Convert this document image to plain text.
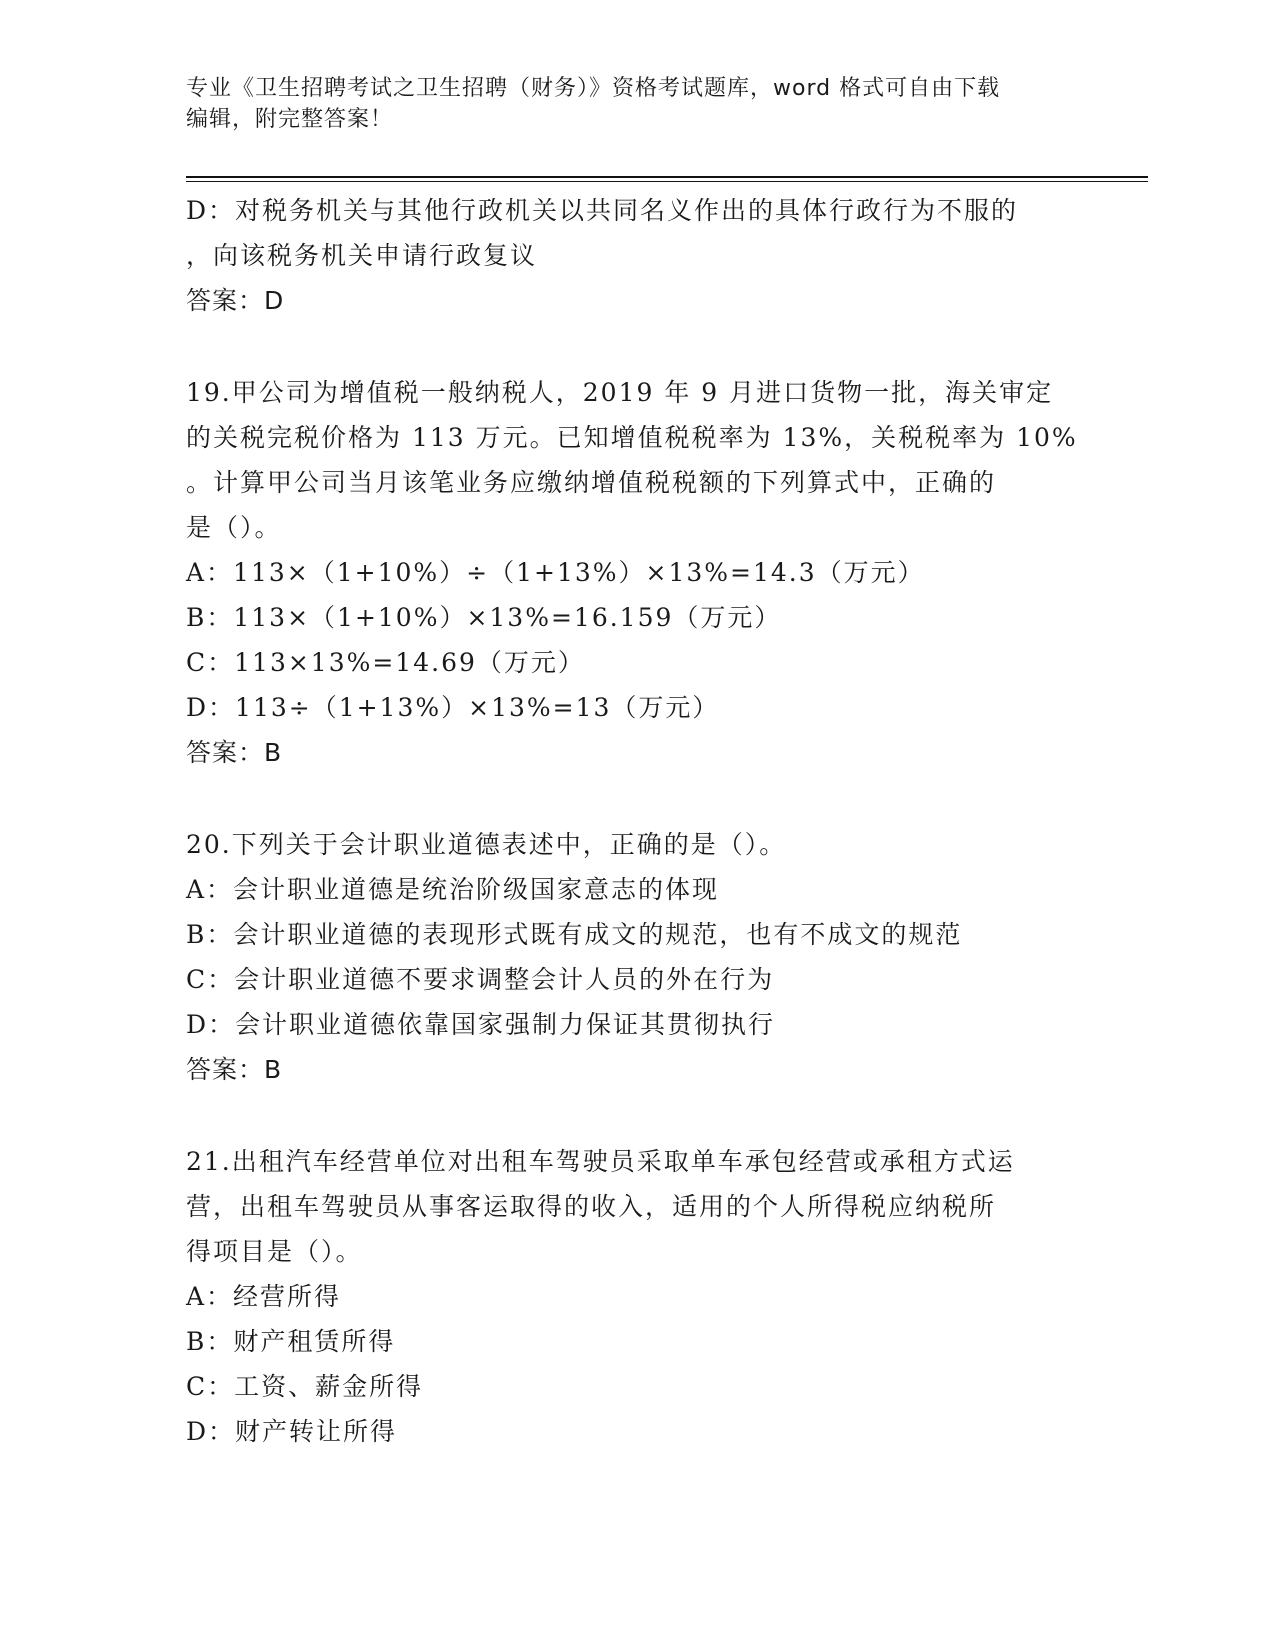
专业《卫生招聘考试之卫生招聘（财务）》资格考试题库，word 格式可自由下载
编辑，附完整答案！
D：对税务机关与其他行政机关以共同名义作出的具体行政行为不服的
，向该税务机关申请行政复议
答案：D
19.甲公司为增值税一般纳税人，2019 年 9 月进口货物一批，海关审定
的关税完税价格为 113 万元。已知增值税税率为 13%，关税税率为 10%
。计算甲公司当月该笔业务应缴纳增值税税额的下列算式中，正确的
是（）。
A：113×（1+10%）÷（1+13%）×13%=14.3（万元）
B：113×（1+10%）×13%=16.159（万元）
C：113×13%=14.69（万元）
D：113÷（1+13%）×13%=13（万元）
答案：B
20.下列关于会计职业道德表述中，正确的是（）。
A：会计职业道德是统治阶级国家意志的体现
B：会计职业道德的表现形式既有成文的规范，也有不成文的规范
C：会计职业道德不要求调整会计人员的外在行为
D：会计职业道德依靠国家强制力保证其贯彻执行
答案：B
21.出租汽车经营单位对出租车驾驶员采取单车承包经营或承租方式运
营，出租车驾驶员从事客运取得的收入，适用的个人所得税应纳税所
得项目是（）。
A：经营所得
B：财产租赁所得
C：工资、薪金所得
D：财产转让所得
